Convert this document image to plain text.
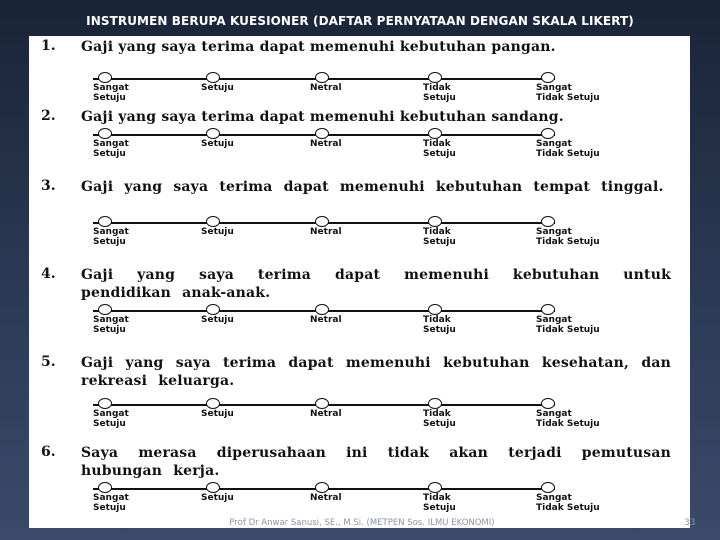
INSTRUMEN BERUPA KUESIONER (DAFTAR PERNYATAAN DENGAN SKALA LIKERT)
1. Gaji yang saya terima dapat memenuhi kebutuhan pangan.
Sangat
Setuju
Setuju	Netral	Tidak
Setuju
Sangat
Tidak Setuju
2. Gaji yang saya terima dapat memenuhi kebutuhan sandang.
Sangat
Setuju
Setuju	Netral	Tidak
Setuju
Sangat
Tidak Setuju
3. Gaji yang saya terima dapat memenuhi kebutuhan tempat tinggal.
Sangat
Setuju
Setuju	Netral	Tidak
Setuju
Sangat
Tidak Setuju
4. Gaji yang saya terima dapat memenuhi kebutuhan untuk pendidikan anak-anak.
Sangat
Setuju
Setuju	Netral	Tidak
Setuju
Sangat
Tidak Setuju
5. Gaji yang saya terima dapat memenuhi kebutuhan kesehatan, dan rekreasi keluarga.
Sangat
Setuju
Setuju	Netral	Tidak
Setuju
Sangat
Tidak Setuju
6. Saya merasa diperusahaan ini tidak akan terjadi pemutusan hubungan kerja.
Sangat
Setuju
Setuju	Netral	Tidak
Setuju
Sangat
Tidak Setuju
Prof Dr Anwar Sanusi, SE., M.Si. (METPEN Sos. ILMU EKONOMI)	33
